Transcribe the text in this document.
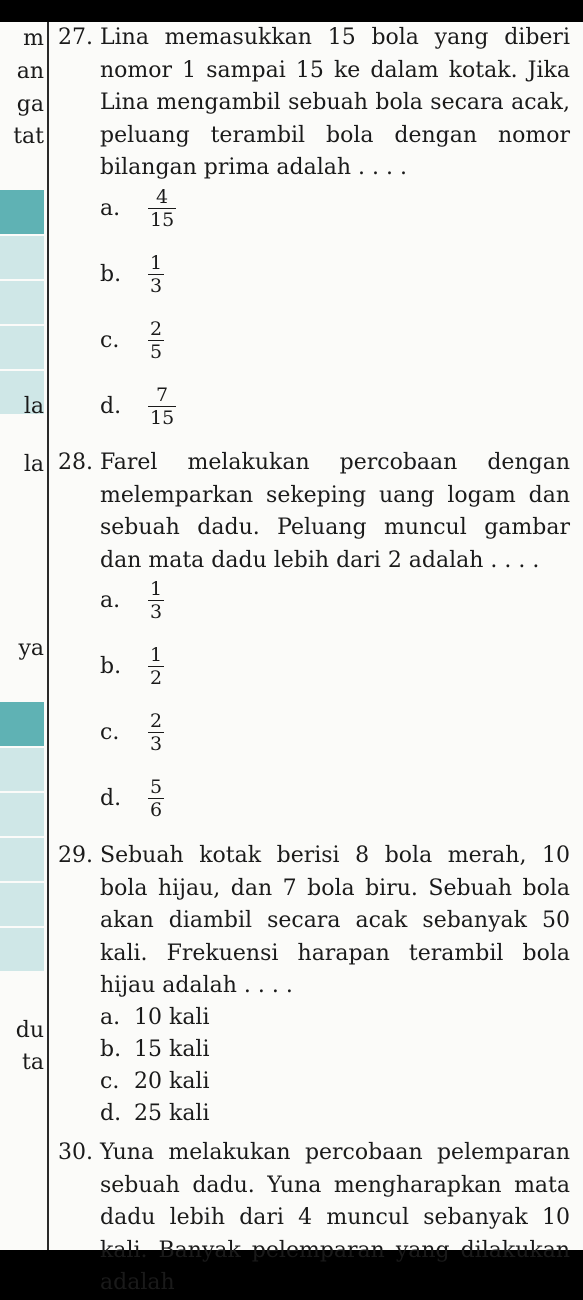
m
an
ga
tat
la
la
ya
du
ta
27. Lina memasukkan 15 bola yang diberi nomor 1 sampai 15 ke dalam kotak. Jika Lina mengambil sebuah bola secara acak, peluang terambil bola dengan nomor bilangan prima adalah . . . .
a.	$\frac{4}{15}$
b.	$\frac{1}{3}$
c.	$\frac{2}{5}$
d.	$\frac{7}{15}$
28. Farel melakukan percobaan dengan melemparkan sekeping uang logam dan sebuah dadu. Peluang muncul gambar dan mata dadu lebih dari 2 adalah . . . .
a.	$\frac{1}{3}$
b.	$\frac{1}{2}$
c.	$\frac{2}{3}$
d.	$\frac{5}{6}$
29. Sebuah kotak berisi 8 bola merah, 10 bola hijau, dan 7 bola biru. Sebuah bola akan diambil secara acak sebanyak 50 kali. Frekuensi harapan terambil bola hijau adalah . . . .
a. 10 kali
b. 15 kali
c. 20 kali
d. 25 kali
30. Yuna melakukan percobaan pelemparan sebuah dadu. Yuna mengharapkan mata dadu lebih dari 4 muncul sebanyak 10 kali. Banyak pelemparan yang dilakukan adalah
